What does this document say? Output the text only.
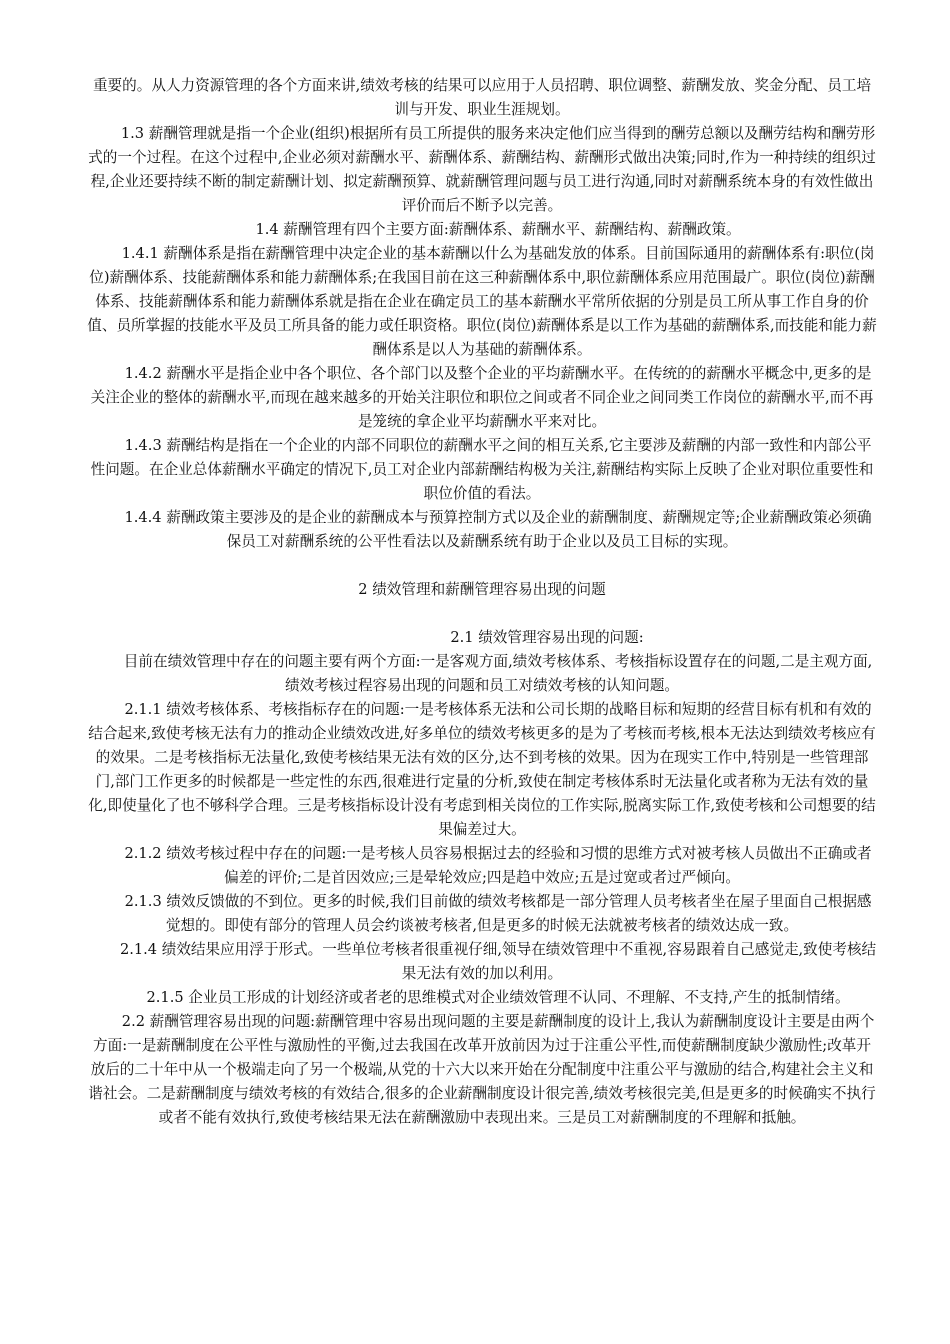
重要的。从人力资源管理的各个方面来讲,绩效考核的结果可以应用于人员招聘、职位调整、薪酬发放、奖金分配、员工培训与开发、职业生涯规划。

1.3 薪酬管理就是指一个企业(组织)根据所有员工所提供的服务来决定他们应当得到的酬劳总额以及酬劳结构和酬劳形式的一个过程。在这个过程中,企业必须对薪酬水平、薪酬体系、薪酬结构、薪酬形式做出决策;同时,作为一种持续的组织过程,企业还要持续不断的制定薪酬计划、拟定薪酬预算、就薪酬管理问题与员工进行沟通,同时对薪酬系统本身的有效性做出评价而后不断予以完善。

1.4 薪酬管理有四个主要方面:薪酬体系、薪酬水平、薪酬结构、薪酬政策。

1.4.1 薪酬体系是指在薪酬管理中决定企业的基本薪酬以什么为基础发放的体系。目前国际通用的薪酬体系有:职位(岗位)薪酬体系、技能薪酬体系和能力薪酬体系;在我国目前在这三种薪酬体系中,职位薪酬体系应用范围最广。职位(岗位)薪酬体系、技能薪酬体系和能力薪酬体系就是指在企业在确定员工的基本薪酬水平常所依据的分别是员工所从事工作自身的价值、员所掌握的技能水平及员工所具备的能力或任职资格。职位(岗位)薪酬体系是以工作为基础的薪酬体系,而技能和能力薪酬体系是以人为基础的薪酬体系。

1.4.2 薪酬水平是指企业中各个职位、各个部门以及整个企业的平均薪酬水平。在传统的的薪酬水平概念中,更多的是关注企业的整体的薪酬水平,而现在越来越多的开始关注职位和职位之间或者不同企业之间同类工作岗位的薪酬水平,而不再是笼统的拿企业平均薪酬水平来对比。

1.4.3 薪酬结构是指在一个企业的内部不同职位的薪酬水平之间的相互关系,它主要涉及薪酬的内部一致性和内部公平性问题。在企业总体薪酬水平确定的情况下,员工对企业内部薪酬结构极为关注,薪酬结构实际上反映了企业对职位重要性和职位价值的看法。

1.4.4 薪酬政策主要涉及的是企业的薪酬成本与预算控制方式以及企业的薪酬制度、薪酬规定等;企业薪酬政策必须确保员工对薪酬系统的公平性看法以及薪酬系统有助于企业以及员工目标的实现。

2 绩效管理和薪酬管理容易出现的问题

2.1 绩效管理容易出现的问题:

目前在绩效管理中存在的问题主要有两个方面:一是客观方面,绩效考核体系、考核指标设置存在的问题,二是主观方面,绩效考核过程容易出现的问题和员工对绩效考核的认知问题。

2.1.1 绩效考核体系、考核指标存在的问题:一是考核体系无法和公司长期的战略目标和短期的经营目标有机和有效的 结合起来,致使考核无法有力的推动企业绩效改进,好多单位的绩效考核更多的是为了考核而考核,根本无法达到绩效考核应有的效果。二是考核指标无法量化,致使考核结果无法有效的区分,达不到考核的效果。因为在现实工作中,特别是一些管理部门,部门工作更多的时候都是一些定性的东西,很难进行定量的分析,致使在制定考核体系时无法量化或者称为无法有效的量化,即使量化了也不够科学合理。三是考核指标设计没有考虑到相关岗位的工作实际,脱离实际工作,致使考核和公司想要的结果偏差过大。

2.1.2 绩效考核过程中存在的问题:一是考核人员容易根据过去的经验和习惯的思维方式对被考核人员做出不正确或者偏差的评价;二是首因效应;三是晕轮效应;四是趋中效应;五是过宽或者过严倾向。

2.1.3 绩效反馈做的不到位。更多的时候,我们目前做的绩效考核都是一部分管理人员考核者坐在屋子里面自己根据感觉想的。即使有部分的管理人员会约谈被考核者,但是更多的时候无法就被考核者的绩效达成一致。

2.1.4 绩效结果应用浮于形式。一些单位考核者很重视仔细,领导在绩效管理中不重视,容易跟着自己感觉走,致使考核结果无法有效的加以利用。

2.1.5 企业员工形成的计划经济或者老的思维模式对企业绩效管理不认同、不理解、不支持,产生的抵制情绪。

2.2 薪酬管理容易出现的问题:薪酬管理中容易出现问题的主要是薪酬制度的设计上,我认为薪酬制度设计主要是由两个方面:一是薪酬制度在公平性与激励性的平衡,过去我国在改革开放前因为过于注重公平性,而使薪酬制度缺少激励性;改革开放后的二十年中从一个极端走向了另一个极端,从党的十六大以来开始在分配制度中注重公平与激励的结合,构建社会主义和谐社会。二是薪酬制度与绩效考核的有效结合,很多的企业薪酬制度设计很完善,绩效考核很完美,但是更多的时候确实不执行或者不能有效执行,致使考核结果无法在薪酬激励中表现出来。三是员工对薪酬制度的不理解和抵触。
